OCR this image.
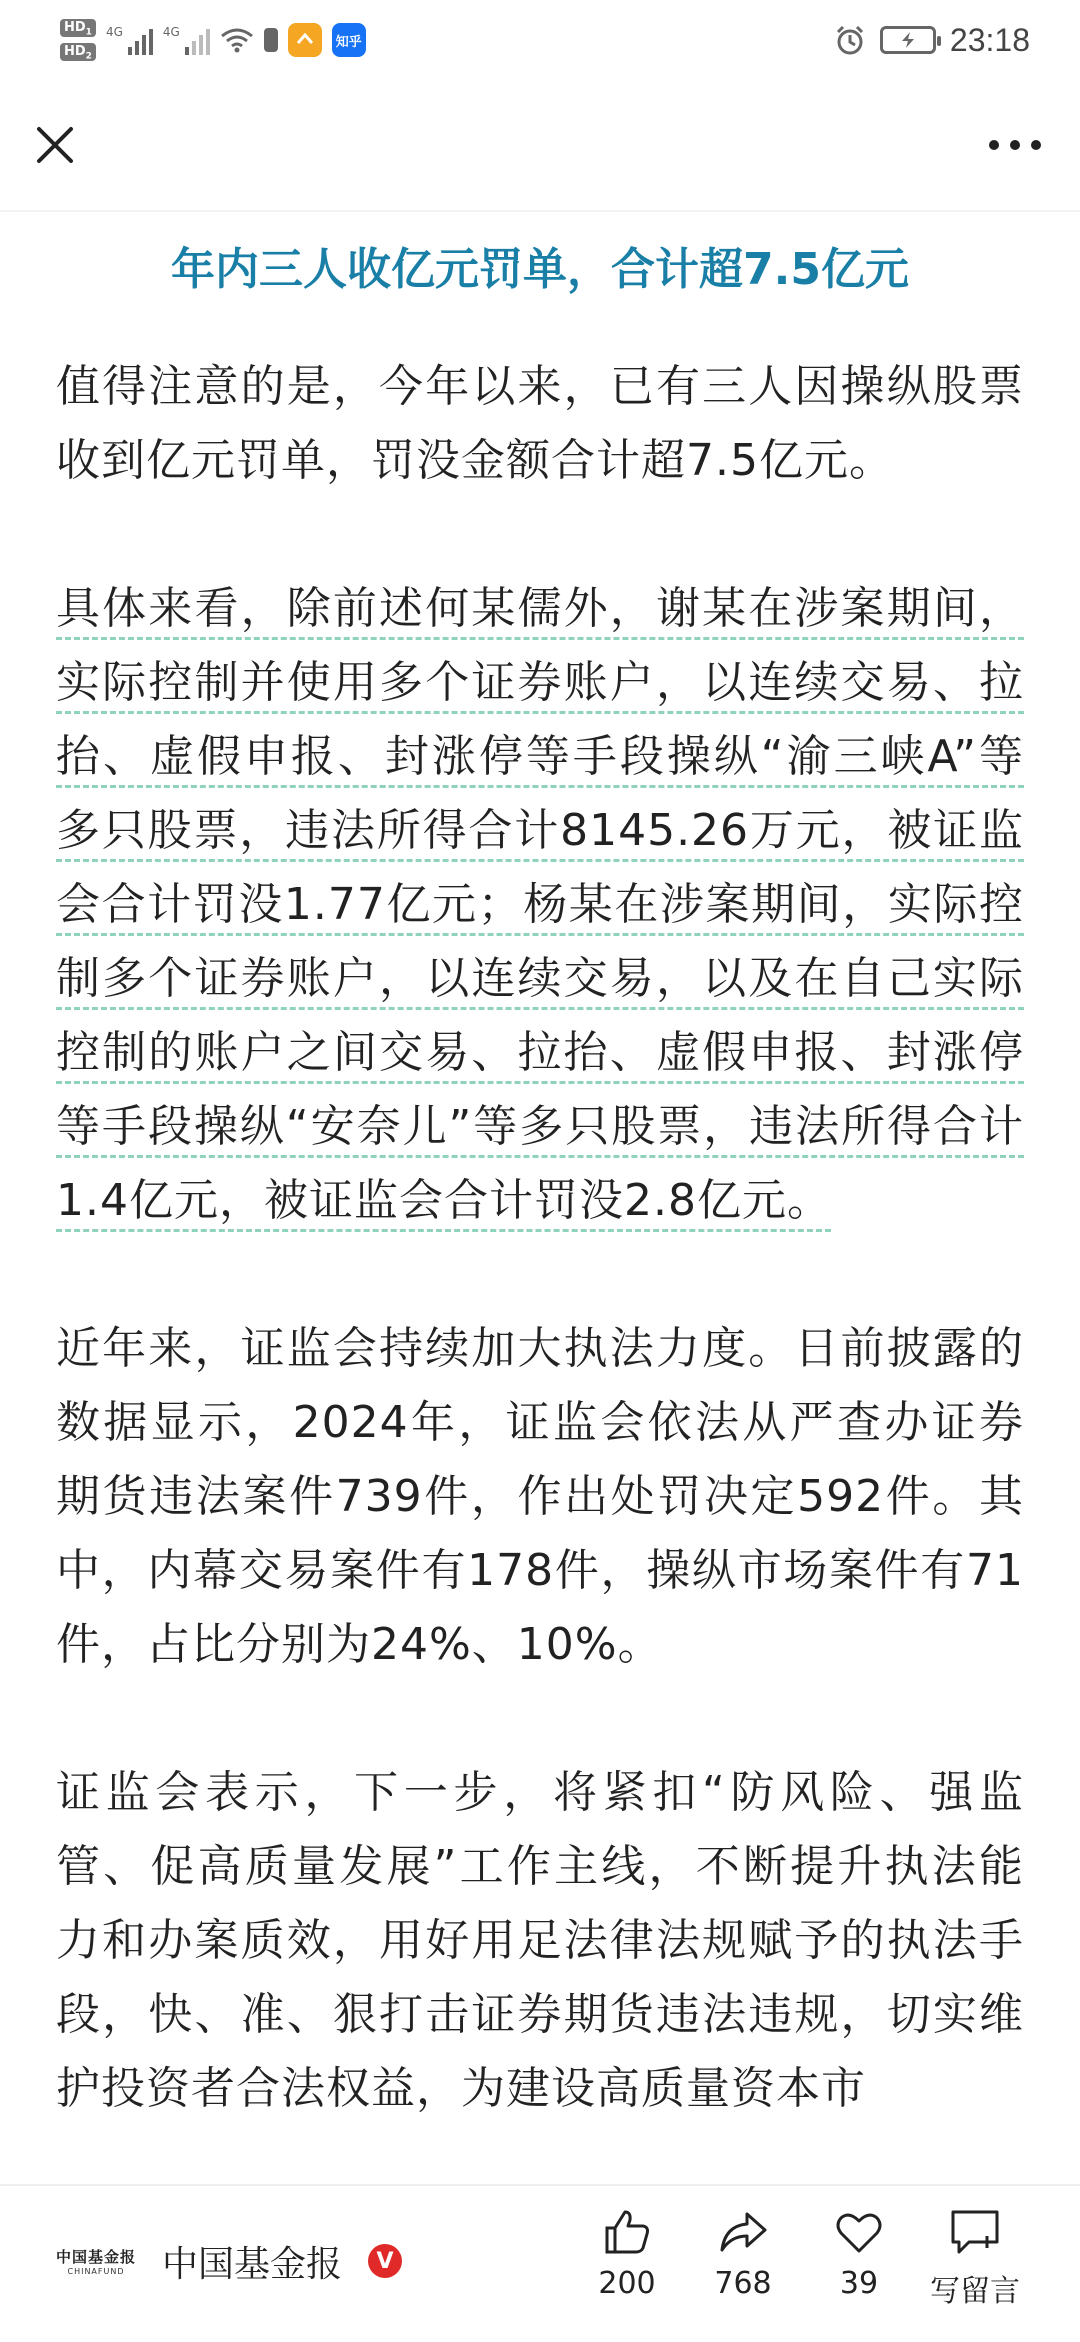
$HD_1$
$HD_2$
4G	4G
知乎	23:18
年内三人收亿元罚单，合计超7.5亿元

值得注意的是，今年以来，已有三人因操纵股票收到亿元罚单，罚没金额合计超7.5亿元。

具体来看，除前述何某儒外，谢某在涉案期间，实际控制并使用多个证券账户，以连续交易、拉抬、虚假申报、封涨停等手段操纵“渝三峡A”等多只股票，违法所得合计8145.26万元，被证监会合计罚没1.77亿元；杨某在涉案期间，实际控制多个证券账户，以连续交易，以及在自己实际控制的账户之间交易、拉抬、虚假申报、封涨停等手段操纵“安奈儿”等多只股票，违法所得合计1.4亿元，被证监会合计罚没2.8亿元。

近年来，证监会持续加大执法力度。日前披露的数据显示，2024年，证监会依法从严查办证券期货违法案件739件，作出处罚决定592件。其中，内幕交易案件有178件，操纵市场案件有71件，占比分别为24%、10%。

证监会表示，下一步，将紧扣“防风险、强监管、促高质量发展”工作主线，不断提升执法能力和办案质效，用好用足法律法规赋予的执法手段，快、准、狠打击证券期货违法违规，切实维护投资者合法权益，为建设高质量资本市

中国基金报
CHINAFUND 中国基金报	V
200 768 39 写留言
